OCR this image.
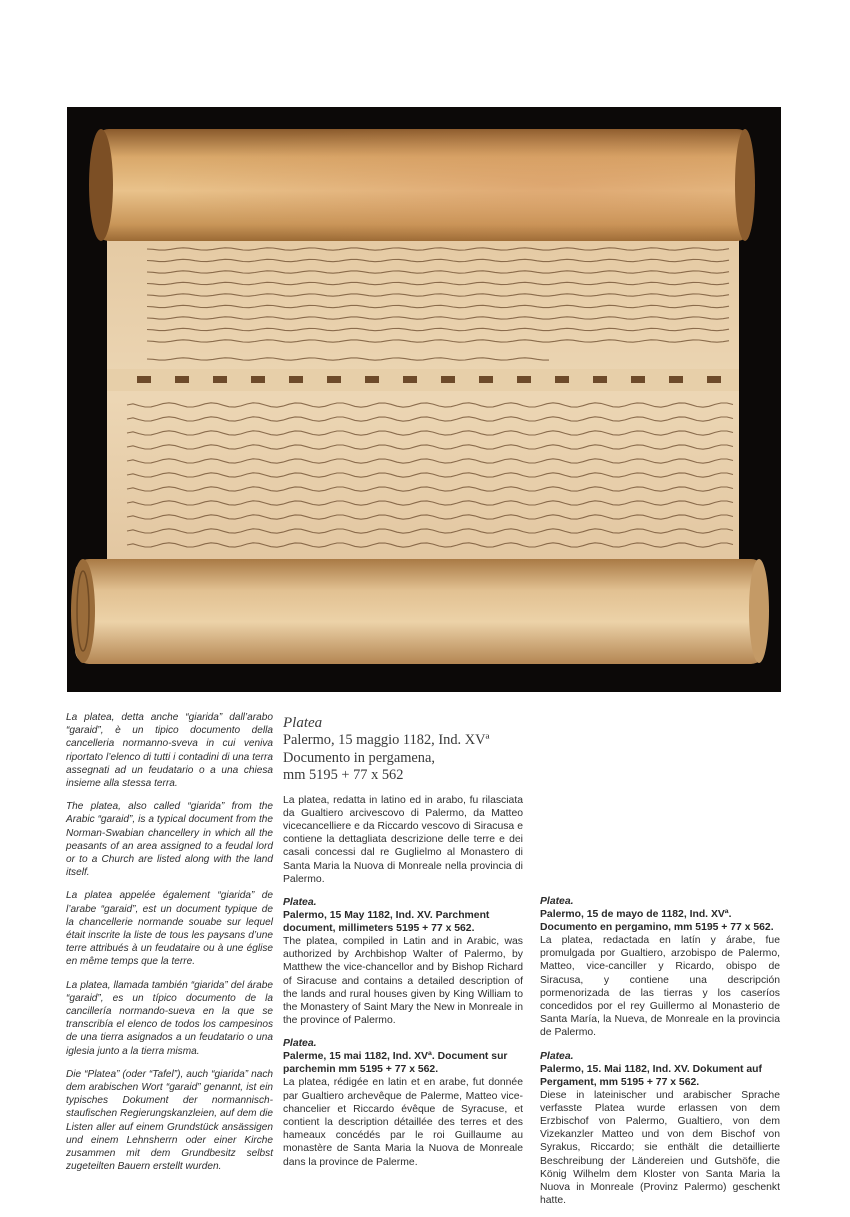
La platea, detta anche “giarida” dall’arabo “garaid”, è un tipico documento della cancelleria normanno-sveva in cui veniva riportato l’elenco di tutti i contadini di una terra assegnati ad un feudatario o a una chiesa insieme alla stessa terra.

The platea, also called “giarida” from the Arabic “garaid”, is a typical document from the Norman-Swabian chancellery in which all the peasants of an area assigned to a feudal lord or to a Church are listed along with the land itself.

La platea appelée également “giarida” de l’arabe “garaid”, est un document typique de la chancellerie normande souabe sur lequel était inscrite la liste de tous les paysans d’une terre attribués à un feudataire ou à une église en même temps que la terre.

La platea, llamada también “giarida” del árabe “garaid”, es un típico documento de la cancillería normando-sueva en la que se transcribía el elenco de todos los campesinos de una tierra asignados a un feudatario o una iglesia junto a la tierra misma.

Die “Platea” (oder “Tafel”), auch “giarida” nach dem arabischen Wort “garaid” genannt, ist ein typisches Dokument der normannisch-staufischen Regierungskanzleien, auf dem die Listen aller auf einem Grundstück ansässigen und einem Lehnsherrn oder einer Kirche zusammen mit dem Grundbesitz selbst zugeteilten Bauern erstellt wurden.

Platea

Palermo, 15 maggio 1182, Ind. XVª
Documento in pergamena,
mm 5195 + 77 x 562

La platea, redatta in latino ed in arabo, fu rilasciata da Gualtiero arcivescovo di Palermo, da Matteo vicecancelliere e da Riccardo vescovo di Siracusa e contiene la dettagliata descrizione delle terre e dei casali concessi dal re Guglielmo al Monastero di Santa Maria la Nuova di Monreale nella provincia di Palermo.

Platea.

Palermo, 15 May 1182, Ind. XV. Parchment document, millimeters 5195 + 77 x 562.

The platea, compiled in Latin and in Arabic, was authorized by Archbishop Walter of Palermo, by Matthew the vice-chancellor and by Bishop Richard of Siracuse and contains a detailed description of the lands and rural houses given by King William to the Monastery of Saint Mary the New in Monreale in the province of Palermo.

Platea.

Palerme, 15 mai 1182, Ind. XVª. Document sur parchemin mm 5195 + 77 x 562.

La platea, rédigée en latin et en arabe, fut donnée par Gualtiero archevêque de Palerme, Matteo vice-chancelier et Riccardo évêque de Syracuse, et contient la description détaillée des terres et des hameaux concédés par le roi Guillaume au monastère de Santa Maria la Nuova de Monreale dans la province de Palerme.

Platea.

Palermo, 15 de mayo de 1182, Ind. XVª. Documento en pergamino, mm 5195 + 77 x 562.

La platea, redactada en latín y árabe, fue promulgada por Gualtiero, arzobispo de Palermo, Matteo, vice-canciller y Ricardo, obispo de Siracusa, y contiene una descripción pormenorizada de las tierras y los caseríos concedidos por el rey Guillermo al Monasterio de Santa María, la Nueva, de Monreale en la provincia de Palermo.

Platea.

Palermo, 15. Mai 1182, Ind. XV. Dokument auf Pergament, mm 5195 + 77 x 562.

Diese in lateinischer und arabischer Sprache verfasste Platea wurde erlassen von dem Erzbischof von Palermo, Gualtiero, von dem Vizekanzler Matteo und von dem Bischof von Syrakus, Riccardo; sie enthält die detaillierte Beschreibung der Ländereien und Gutshöfe, die König Wilhelm dem Kloster von Santa Maria la Nuova in Monreale (Provinz Palermo) geschenkt hatte.
